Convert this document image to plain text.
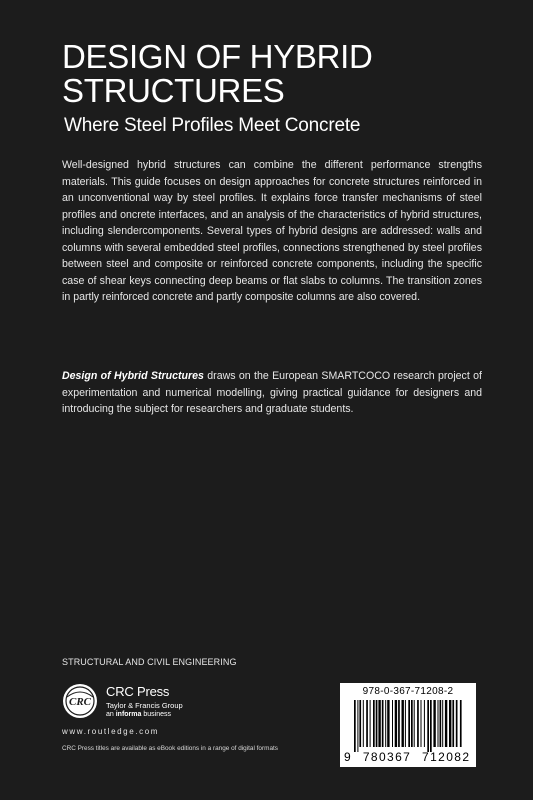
DESIGN OF HYBRID
STRUCTURES
Where Steel Profiles Meet Concrete

Well-designed hybrid structures can combine the different performance strengths materials. This guide focuses on design approaches for concrete structures reinforced in an unconventional way by steel profiles. It explains force transfer mechanisms of steel profiles and oncrete interfaces, and an analysis of the characteristics of hybrid structures, including slendercomponents. Several types of hybrid designs are addressed: walls and columns with several embedded steel profiles, connections strengthened by steel profiles between steel and composite or reinforced concrete components, including the specific case of shear keys connecting deep beams or flat slabs to columns. The transition zones in partly reinforced concrete and partly composite columns are also covered.

Design of Hybrid Structures draws on the European SMARTCOCO research project of experimentation and numerical modelling, giving practical guidance for designers and introducing the subject for researchers and graduate students.

STRUCTURAL AND CIVIL ENGINEERING
CRC
CRC Press
Taylor & Francis Group
an informa business
www.routledge.com
CRC Press titles are available as eBook editions in a range of digital formats
978-0-367-71208-2
9 780367 712082
